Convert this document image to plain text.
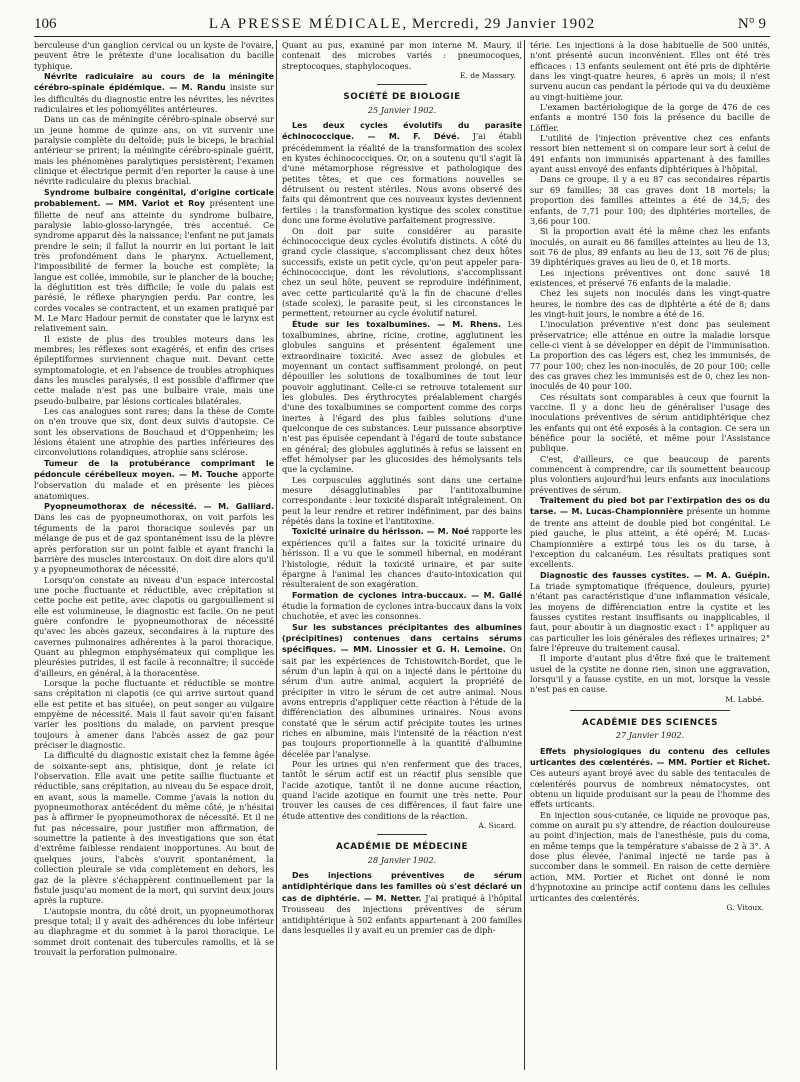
106	LA PRESSE MÉDICALE, Mercredi, 29 Janvier 1902	N° 9

berculeuse d'un ganglion cervical ou un kyste de l'ovaire, peuvent être le prétexte d'une localisation du bacille typhique.

Névrite radiculaire au cours de la méningite cérébro-spinale épidémique. — M. Randu insiste sur les difficultés du diagnostic entre les névrites, les névrites radiculaires et les poliomyélites antérieures.

Dans un cas de méningite cérébro-spinale observé sur un jeune homme de quinze ans, on vit survenir une paralysie complète du deltoïde; puis le biceps, le brachial antérieur se prirent; la méningite cérébro-spinale guérit, mais les phénomènes paralytiques persistèrent; l'examen clinique et électrique permit d'en reporter la cause à une névrite radiculaire du plexus brachial.

Syndrome bulbaire congénital, d'origine corticale probablement. — MM. Variot et Roy présentent une fillette de neuf ans atteinte du syndrome bulbaire, paralysie labio-glosso-laryngée, très accentué. Ce syndrome apparut dès la naissance; l'enfant ne put jamais prendre le sein; il fallut la nourrir en lui portant le lait très profondément dans le pharynx. Actuellement, l'impossibilité de fermer la bouche est complète; la langue est collée, immobile, sur le plancher de la bouche; la déglutition est très difficile; le voile du palais est parésié, le réflexe pharyngien perdu. Par contre, les cordes vocales se contractent, et un examen pratiqué par M. Le Marc Hadour permit de constater que le larynx est relativement sain.

Il existe de plus des troubles moteurs dans les membres; les réflexes sont exagérés, et enfin des crises épileptiformes surviennent chaque nuit. Devant cette symptomatologie, et en l'absence de troubles atrophiques dans les muscles paralysés, il est possible d'affirmer que cette malade n'est pas une bulbaire vraie, mais une pseudo-bulbaire, par lésions corticales bilatérales.

Les cas analogues sont rares; dans la thèse de Comte on n'en trouve que six, dont deux suivis d'autopsie. Ce sont les observations de Bouchaud et d'Oppenheim; les lésions étaient une atrophie des parties inférieures des circonvolutions rolandiques, atrophie sans sclérose.

Tumeur de la protubérance comprimant le pédoncule cérébelleux moyen. — M. Touche apporte l'observation du malade et en présente les pièces anatomiques.

Pyopneumothorax de nécessité. — M. Galliard. Dans les cas de pyopneumothorax, on voit parfois les téguments de la paroi thoracique soulevés par un mélange de pus et de gaz spontanément issu de la plèvre après perforation sur un point faible et ayant franchi la barrière des muscles intercostaux. On doit dire alors qu'il y a pyopneumothorax de nécessité.

Lorsqu'on constate au niveau d'un espace intercostal une poche fluctuante et réductible, avec crépitation si cette poche est petite, avec clapotis ou gargouillement si elle est volumineuse, le diagnostic est facile. On ne peut guère confondre le pyopneumothorax de nécessité qu'avec les abcès gazeux, secondaires à la rupture des cavernes pulmonaires adhérentes à la paroi thoracique. Quant au phlegmon emphysémateux qui complique les pleurésies putrides, il est facile à reconnaître; il succède d'ailleurs, en général, à la thoracentèse.

Lorsque la poche fluctuante et réductible se montre sans crépitation ni clapotis (ce qui arrive surtout quand elle est petite et bas située), on peut songer au vulgaire empyème de nécessité. Mais il faut savoir qu'en faisant varier les positions du malade, on parvient presque toujours à amener dans l'abcès assez de gaz pour préciser le diagnostic.

La difficulté du diagnostic existait chez la femme âgée de soixante-sept ans, phtisique, dont je relate ici l'observation. Elle avait une petite saillie fluctuante et réductible, sans crépitation, au niveau du 5e espace droit, en avant, sous la mamelle. Comme j'avais la notion du pyopneumothorax antécédent du même côté, je n'hésitai pas à affirmer le pyopneumothorax de nécessité. Et il ne fut pas nécessaire, pour justifier mon affirmation, de soumettre la patiente à des investigations que son état d'extrême faiblesse rendaient inopportunes. Au bout de quelques jours, l'abcès s'ouvrit spontanément, la collection pleurale se vida complètement en dehors, les gaz de la plèvre s'échappèrent continuellement par la fistule jusqu'au moment de la mort, qui survint deux jours après la rupture.

L'autopsie montra, du côté droit, un pyopneumothorax presque total; il y avait des adhérences du lobe inférieur au diaphragme et du sommet à la paroi thoracique. Le sommet droit contenait des tubercules ramollis, et là se trouvait la perforation pulmonaire.

Quant au pus, examiné par mon interne M. Maury, il contenait des microbes variés : pneumocoques, streptocoques, staphylocoques.

E. de Massary.
SOCIÉTÉ DE BIOLOGIE
25 Janvier 1902.

Les deux cycles évolutifs du parasite échinococcique. — M. F. Dévé. J'ai établi précédemment la réalité de la transformation des scolex en kystes échinococciques. Or, on a soutenu qu'il s'agit là d'une métamorphose régressive et pathologique des petites têtes, et que ces formations nouvelles se détruisent ou restent stériles. Nous avons observé des faits qui démontrent que ces nouveaux kystes deviennent fertiles : la transformation kystique des scolex constitue donc une forme évolutive parfaitement progressive.

On doit par suite considérer au parasite échinococcique deux cycles évolutifs distincts. A côté du grand cycle classique, s'accomplissant chez deux hôtes successifs, existe un petit cycle, qu'on peut appeler para-échinococcique, dont les révolutions, s'accomplissant chez un seul hôte, peuvent se reproduire indéfiniment, avec cette particularité qu'à la fin de chacune d'elles (stade scolex), le parasite peut, si les circonstances le permettent, retourner au cycle évolutif naturel.

Étude sur les toxalbumines. — M. Rhens. Les toxalbumines, abrine, ricine, crotine, agglutinent les globules sanguins et présentent également une extraordinaire toxicité. Avec assez de globules et moyennant un contact suffisamment prolongé, on peut dépouiller les solutions de toxalbumines de tout leur pouvoir agglutinant. Celle-ci se retrouve totalement sur les globules. Des érythrocytes préalablement chargés d'une des toxalbumines se comportent comme des corps inertes à l'égard des plus faibles solutions d'une quelconque de ces substances. Leur puissance absorptive n'est pas épuisée cependant à l'égard de toute substance en général; des globules agglutinés à refus se laissent en effet hémolyser par les glucosides des hémolysants tels que la cyclamine.

Les corpuscules agglutinés sont dans une certaine mesure désagglutinables par l'antitoxalbumine correspondante : leur toxicité disparaît intégralement. On peut la leur rendre et retirer indéfiniment, par des bains répétés dans la toxine et l'antitoxine.

Toxicité urinaire du hérisson. — M. Noé rapporte les expériences qu'il a faites sur la toxicité urinaire du hérisson. Il a vu que le sommeil hibernal, en modérant l'histologie, réduit la toxicité urinaire, et par suite épargne à l'animal les chances d'auto-intoxication qui résulteraient de son exagération.

Formation de cyclones intra-buccaux. — M. Gallé étudie la formation de cyclones intra-buccaux dans la voix chuchotée, et avec les consonnes.

Sur les substances précipitantes des albumines (précipitines) contenues dans certains sérums spécifiques. — MM. Linossier et G. H. Lemoine. On sait par les expériences de Tchistowitch-Bordet, que le sérum d'un lapin à qui on a injecté dans le péritoine du sérum d'un autre animal, acquiert la propriété de précipiter in vitro le sérum de cet autre animal. Nous avons entrepris d'appliquer cette réaction à l'étude de la différenciation des albumines urinaires. Nous avons constaté que le sérum actif précipite toutes les urines riches en albumine, mais l'intensité de la réaction n'est pas toujours proportionnelle à la quantité d'albumine décelée par l'analyse.

Pour les urines qui n'en renferment que des traces, tantôt le sérum actif est un réactif plus sensible que l'acide azotique, tantôt il ne donne aucune réaction, quand l'acide azotique en fournit une très nette. Pour trouver les causes de ces différences, il faut faire une étude attentive des conditions de la réaction.

A. Sicard.
ACADÉMIE DE MÉDECINE
28 Janvier 1902.

Des injections préventives de sérum antidiphtérique dans les familles où s'est déclaré un cas de diphtérie. — M. Netter. J'ai pratiqué à l'hôpital Trousseau des injections préventives de sérum antidiphtérique à 502 enfants appartenant à 200 familles dans lesquelles il y avait eu un premier cas de diph-

térie. Les injections à la dose habituelle de 500 unités, n'ont présenté aucun inconvénient. Elles ont été très efficaces : 13 enfants seulement ont été pris de diphtérie dans les vingt-quatre heures, 6 après un mois; il n'est survenu aucun cas pendant la période qui va du deuxième au vingt-huitième jour.

L'examen bactériologique de la gorge de 476 de ces enfants a montré 150 fois la présence du bacille de Löffler.

L'utilité de l'injection préventive chez ces enfants ressort bien nettement si on compare leur sort à celui de 491 enfants non immunisés appartenant à des familles ayant aussi envoyé des enfants diphtériques à l'hôpital.

Dans ce groupe, il y a eu 87 cas secondaires répartis sur 69 familles; 38 cas graves dont 18 mortels; la proportion des familles atteintes a été de 34,5; des enfants, de 7,71 pour 100; des diphtéries mortelles, de 3,66 pour 100.

Si la proportion avait été la même chez les enfants inoculés, on aurait eu 86 familles atteintes au lieu de 13, soit 76 de plus, 89 enfants au lieu de 13, soit 76 de plus; 39 diphtériques graves au lieu de 0, et 18 morts.

Les injections préventives ont donc sauvé 18 existences, et préservé 76 enfants de la maladie.

Chez les sujets non inoculés dans les vingt-quatre heures, le nombre des cas de diphtérie a été de 8; dans les vingt-huit jours, le nombre a été de 16.

L'inoculation préventive n'est donc pas seulement préservatrice; elle atténue en outre la maladie lorsque celle-ci vient à se développer en dépit de l'immunisation. La proportion des cas légers est, chez les immunisés, de 77 pour 100; chez les non-inoculés, de 20 pour 100; celle des cas graves chez les immunisés est de 0, chez les non-inoculés de 40 pour 100.

Ces résultats sont comparables à ceux que fournit la vaccine. Il y a donc lieu de généraliser l'usage des inoculations préventives de sérum antidiphtérique chez les enfants qui ont été exposés à la contagion. Ce sera un bénéfice pour la société, et même pour l'Assistance publique.

C'est, d'ailleurs, ce que beaucoup de parents commencent à comprendre, car ils soumettent beaucoup plus volontiers aujourd'hui leurs enfants aux inoculations préventives de sérum.

Traitement du pied bot par l'extirpation des os du tarse. — M. Lucas-Championnière présente un homme de trente ans atteint de double pied bot congénital. Le pied gauche, le plus atteint, a été opéré; M. Lucas-Championnière a extirpé tous les os du tarse, à l'exception du calcanéum. Les résultats pratiques sont excellents.

Diagnostic des fausses cystites. — M. A. Guépin. La triade symptomatique (fréquence, douleurs, pyurie) n'étant pas caractéristique d'une inflammation vésicale, les moyens de différenciation entre la cystite et les fausses cystites restant insuffisants ou inapplicables, il faut, pour aboutir à un diagnostic exact : 1° appliquer au cas particulier les lois générales des réflexes urinaires; 2° faire l'épreuve du traitement causal.

Il importe d'autant plus d'être fixé que le traitement usuel de la cystite ne donne rien, sinon une aggravation, lorsqu'il y a fausse cystite, en un mot, lorsque la vessie n'est pas en cause.

M. Labbé.
ACADÉMIE DES SCIENCES
27 Janvier 1902.

Effets physiologiques du contenu des cellules urticantes des cœlentérés. — MM. Portier et Richet. Ces auteurs ayant broyé avec du sable des tentacules de cœlentérés pourvus de nombreux nématocystes, ont obtenu un liquide produisant sur la peau de l'homme des effets urticants.

En injection sous-cutanée, ce liquide ne provoque pas, comme on aurait pu s'y attendre, de réaction douloureuse au point d'injection, mais de l'anesthésie, puis du coma, en même temps que la température s'abaisse de 2 à 3°. A dose plus élevée, l'animal injecté ne tarde pas à succomber dans le sommeil. En raison de cette dernière action, MM. Portier et Richet ont donné le nom d'hypnotoxine au principe actif contenu dans les cellules urticantes des cœlentérés.

G. Vitoux.
